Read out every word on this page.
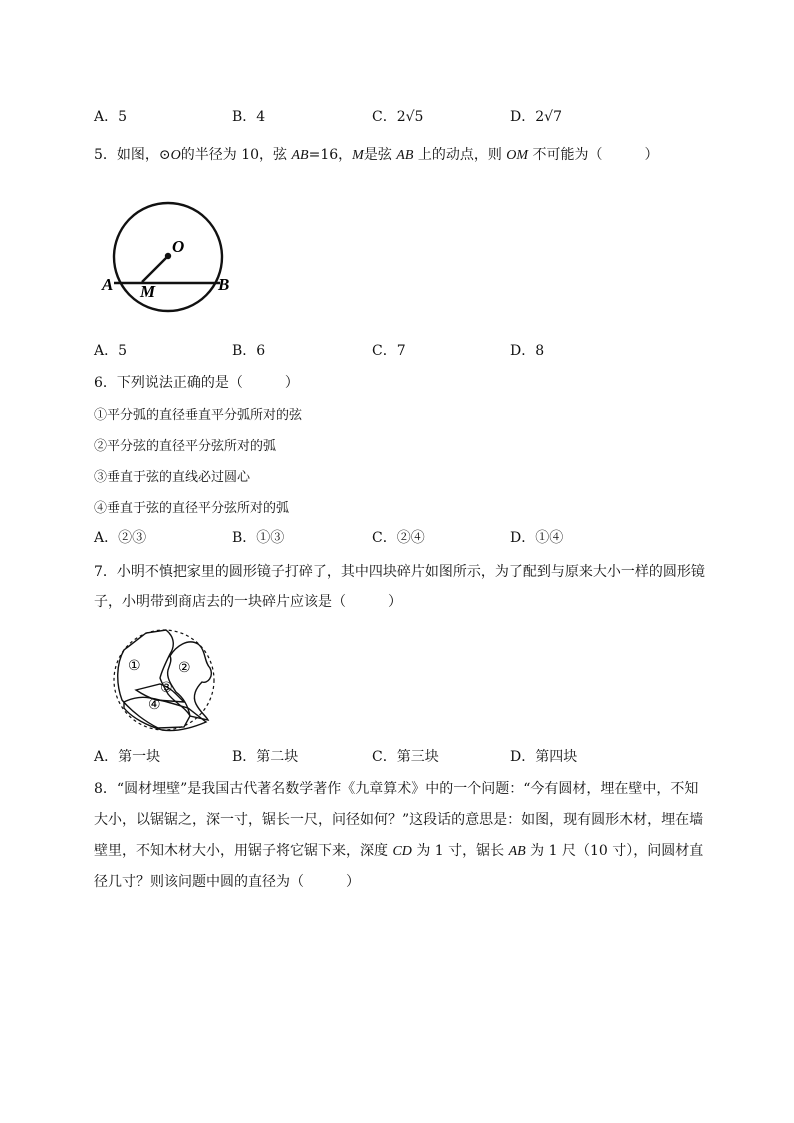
A．5	B．4	C．2√5	D．2√7
5．如图，⊙O的半径为 10，弦 AB=16，M是弦 AB 上的动点，则 OM 不可能为（　　　）
O
A M	B
A．5	B．6	C．7	D．8
6．下列说法正确的是（　　　）
①平分弧的直径垂直平分弧所对的弦
②平分弦的直径平分弦所对的弧
③垂直于弦的直线必过圆心
④垂直于弦的直径平分弦所对的弧
A．②③	B．①③	C．②④	D．①④
7．小明不慎把家里的圆形镜子打碎了，其中四块碎片如图所示，为了配到与原来大小一样的圆形镜
子，小明带到商店去的一块碎片应该是（　　　）
①	②
③
④
A．第一块	B．第二块	C．第三块	D．第四块
8．“圆材埋壁”是我国古代著名数学著作《九章算术》中的一个问题：“今有圆材，埋在壁中，不知
大小，以锯锯之，深一寸，锯长一尺，问径如何？”这段话的意思是：如图，现有圆形木材，埋在墙
壁里，不知木材大小，用锯子将它锯下来，深度 CD 为 1 寸，锯长 AB 为 1 尺（10 寸），问圆材直
径几寸？则该问题中圆的直径为（　　　）
